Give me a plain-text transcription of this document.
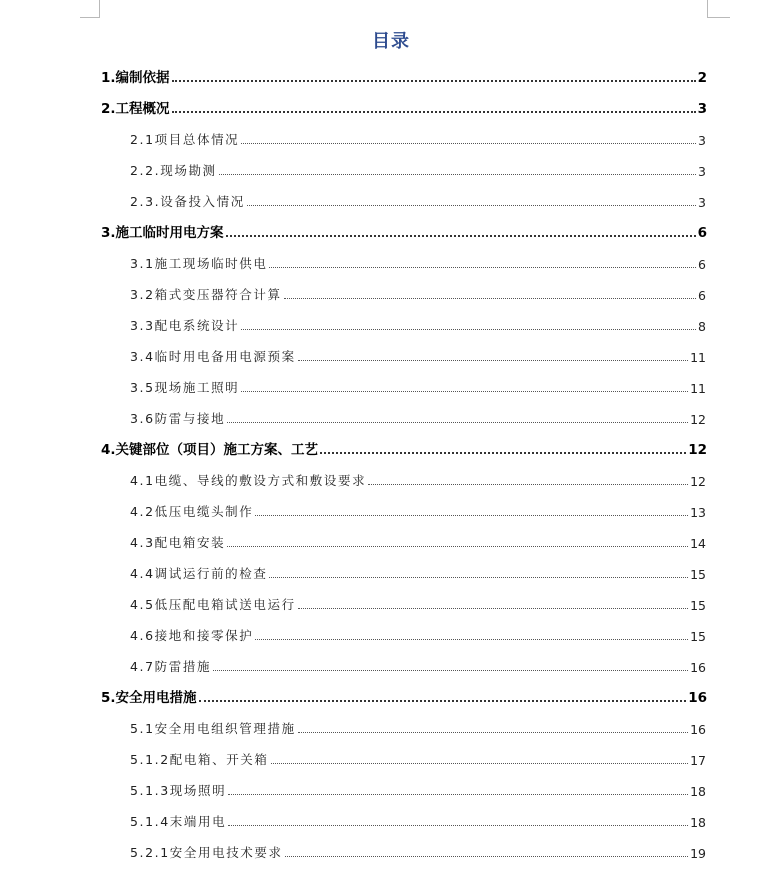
目录
1.编制依据	2
2.工程概况	3
2.1项目总体情况	3
2.2.现场勘测	3
2.3.设备投入情况	3
3.施工临时用电方案	6
3.1施工现场临时供电	6
3.2箱式变压器符合计算	6
3.3配电系统设计	8
3.4临时用电备用电源预案	11
3.5现场施工照明	11
3.6防雷与接地	12
4.关键部位（项目）施工方案、工艺	12
4.1电缆、导线的敷设方式和敷设要求	12
4.2低压电缆头制作	13
4.3配电箱安装	14
4.4调试运行前的检查	15
4.5低压配电箱试送电运行	15
4.6接地和接零保护	15
4.7防雷措施	16
5.安全用电措施	16
5.1安全用电组织管理措施	16
5.1.2配电箱、开关箱	17
5.1.3现场照明	18
5.1.4末端用电	18
5.2.1安全用电技术要求	19
